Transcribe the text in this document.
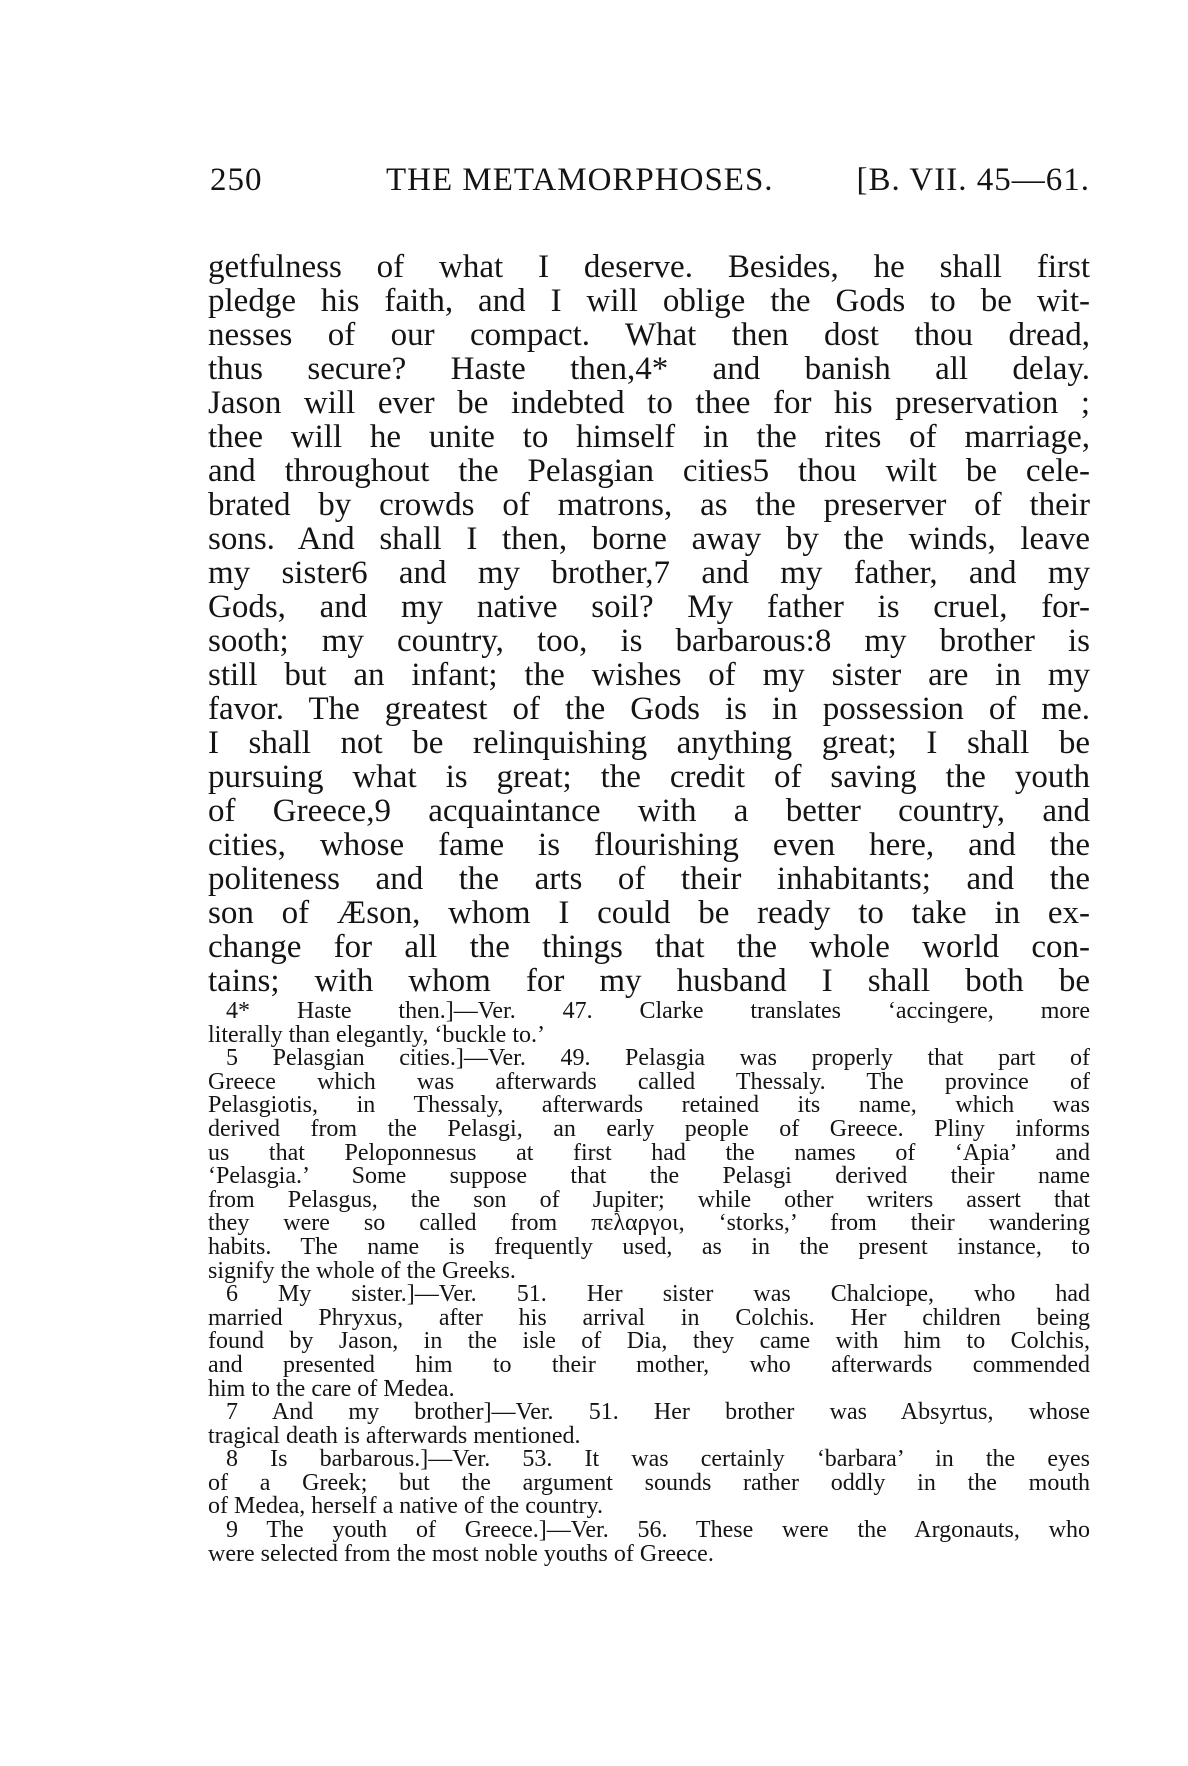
250	THE METAMORPHOSES.	[B. VII. 45—61.
getfulness of what I deserve. Besides, he shall first
pledge his faith, and I will oblige the Gods to be wit-
nesses of our compact. What then dost thou dread,
thus secure? Haste then,4* and banish all delay.
Jason will ever be indebted to thee for his preservation ;
thee will he unite to himself in the rites of marriage,
and throughout the Pelasgian cities5 thou wilt be cele-
brated by crowds of matrons, as the preserver of their
sons. And shall I then, borne away by the winds, leave
my sister6 and my brother,7 and my father, and my
Gods, and my native soil? My father is cruel, for-
sooth; my country, too, is barbarous:8 my brother is
still but an infant; the wishes of my sister are in my
favor. The greatest of the Gods is in possession of me.
I shall not be relinquishing anything great; I shall be
pursuing what is great; the credit of saving the youth
of Greece,9 acquaintance with a better country, and
cities, whose fame is flourishing even here, and the
politeness and the arts of their inhabitants; and the
son of Æson, whom I could be ready to take in ex-
change for all the things that the whole world con-
tains; with whom for my husband I shall both be
4* Haste then.]—Ver. 47. Clarke translates ‘accingere, more
literally than elegantly, ‘buckle to.’
5 Pelasgian cities.]—Ver. 49. Pelasgia was properly that part of
Greece which was afterwards called Thessaly. The province of
Pelasgiotis, in Thessaly, afterwards retained its name, which was
derived from the Pelasgi, an early people of Greece. Pliny informs
us that Peloponnesus at first had the names of ‘Apia’ and
‘Pelasgia.’ Some suppose that the Pelasgi derived their name
from Pelasgus, the son of Jupiter; while other writers assert that
they were so called from πελαργοι, ‘storks,’ from their wandering
habits. The name is frequently used, as in the present instance, to
signify the whole of the Greeks.
6 My sister.]—Ver. 51. Her sister was Chalciope, who had
married Phryxus, after his arrival in Colchis. Her children being
found by Jason, in the isle of Dia, they came with him to Colchis,
and presented him to their mother, who afterwards commended
him to the care of Medea.
7 And my brother]—Ver. 51. Her brother was Absyrtus, whose
tragical death is afterwards mentioned.
8 Is barbarous.]—Ver. 53. It was certainly ‘barbara’ in the eyes
of a Greek; but the argument sounds rather oddly in the mouth
of Medea, herself a native of the country.
9 The youth of Greece.]—Ver. 56. These were the Argonauts, who
were selected from the most noble youths of Greece.
